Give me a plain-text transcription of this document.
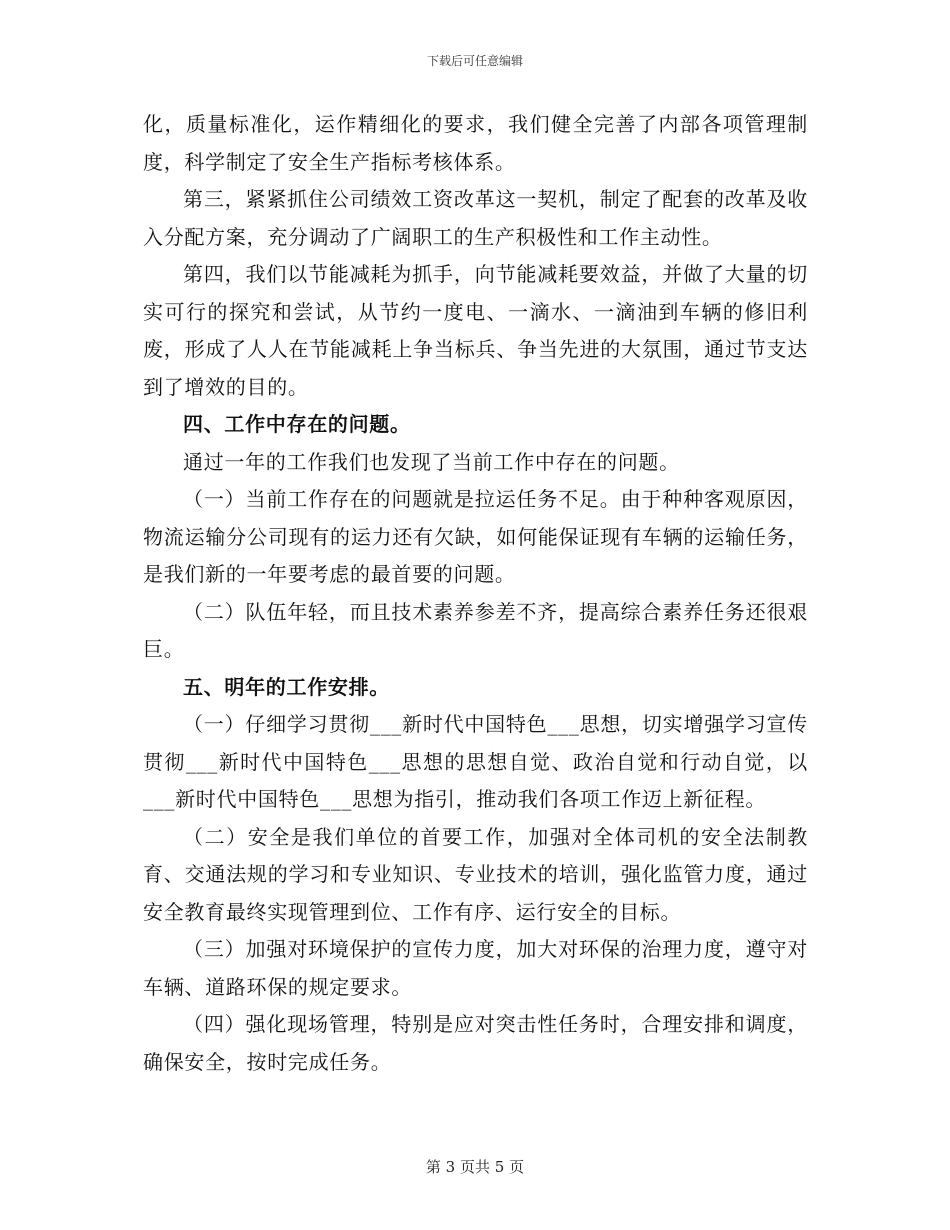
下载后可任意编辑

化，质量标准化，运作精细化的要求，我们健全完善了内部各项管理制度，科学制定了安全生产指标考核体系。

第三，紧紧抓住公司绩效工资改革这一契机，制定了配套的改革及收入分配方案，充分调动了广阔职工的生产积极性和工作主动性。

第四，我们以节能减耗为抓手，向节能减耗要效益，并做了大量的切实可行的探究和尝试，从节约一度电、一滴水、一滴油到车辆的修旧利废，形成了人人在节能减耗上争当标兵、争当先进的大氛围，通过节支达到了增效的目的。

四、工作中存在的问题。

通过一年的工作我们也发现了当前工作中存在的问题。

（一）当前工作存在的问题就是拉运任务不足。由于种种客观原因，物流运输分公司现有的运力还有欠缺，如何能保证现有车辆的运输任务，是我们新的一年要考虑的最首要的问题。

（二）队伍年轻，而且技术素养参差不齐，提高综合素养任务还很艰巨。

五、明年的工作安排。

（一）仔细学习贯彻___新时代中国特色___思想，切实增强学习宣传贯彻___新时代中国特色___思想的思想自觉、政治自觉和行动自觉，以___新时代中国特色___思想为指引，推动我们各项工作迈上新征程。

（二）安全是我们单位的首要工作，加强对全体司机的安全法制教育、交通法规的学习和专业知识、专业技术的培训，强化监管力度，通过安全教育最终实现管理到位、工作有序、运行安全的目标。

（三）加强对环境保护的宣传力度，加大对环保的治理力度，遵守对车辆、道路环保的规定要求。

（四）强化现场管理，特别是应对突击性任务时，合理安排和调度，确保安全，按时完成任务。

第 3 页共 5 页
